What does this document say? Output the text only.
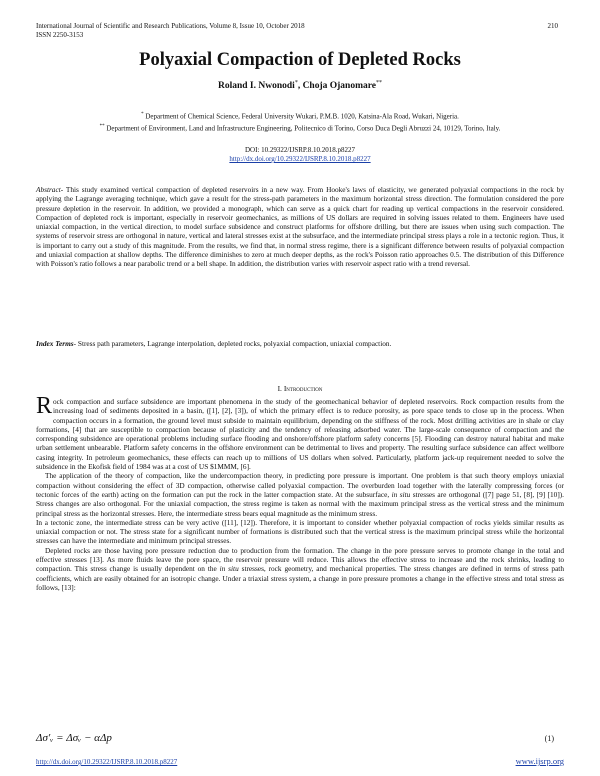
International Journal of Scientific and Research Publications, Volume 8, Issue 10, October 2018
ISSN 2250-3153
210
Polyaxial Compaction of Depleted Rocks
Roland I. Nwonodi*, Choja Ojanomare**
* Department of Chemical Science, Federal University Wukari, P.M.B. 1020, Katsina-Ala Road, Wukari, Nigeria.
** Department of Environment, Land and Infrastructure Engineering, Politecnico di Torino, Corso Duca Degli Abruzzi 24, 10129, Torino, Italy.
DOI: 10.29322/IJSRP.8.10.2018.p8227
http://dx.doi.org/10.29322/IJSRP.8.10.2018.p8227
Abstract- This study examined vertical compaction of depleted reservoirs in a new way. From Hooke's laws of elasticity, we generated polyaxial compactions in the rock by applying the Lagrange averaging technique, which gave a result for the stress-path parameters in the maximum horizontal stress direction. The formulation considered the pore pressure depletion in the reservoir. In addition, we provided a monograph, which can serve as a quick chart for reading up vertical compactions in the reservoir considered. Compaction of depleted rock is important, especially in reservoir geomechanics, as millions of US dollars are required in solving issues related to them. Engineers have used uniaxial compaction, in the vertical direction, to model surface subsidence and construct platforms for offshore drilling, but there are issues when using such compaction. The systems of reservoir stress are orthogonal in nature, vertical and lateral stresses exist at the subsurface, and the intermediate principal stress plays a role in a tectonic region. Thus, it is important to carry out a study of this magnitude. From the results, we find that, in normal stress regime, there is a significant difference between results of polyaxial compaction and uniaxial compaction at shallow depths. The difference diminishes to zero at much deeper depths, as the rock's Poisson ratio approaches 0.5. The distribution of this Difference with Poisson's ratio follows a near parabolic trend or a bell shape. In addition, the distribution varies with reservoir aspect ratio with a trend reversal.
Index Terms- Stress path parameters, Lagrange interpolation, depleted rocks, polyaxial compaction, uniaxial compaction.
I. Introduction

Rock compaction and surface subsidence are important phenomena in the study of the geomechanical behavior of depleted reservoirs. Rock compaction results from the increasing load of sediments deposited in a basin, ([1], [2], [3]), of which the primary effect is to reduce porosity, as pore space tends to close up in the process. When compaction occurs in a formation, the ground level must subside to maintain equilibrium, depending on the stiffness of the rock. Most drilling activities are in shale or clay formations, [4] that are susceptible to compaction because of plasticity and the tendency of releasing adsorbed water. The large-scale consequence of compaction and the corresponding subsidence are operational problems including surface flooding and onshore/offshore platform safety concerns [5]. Flooding can destroy natural habitat and make urban settlement unbearable. Platform safety concerns in the offshore environment can be detrimental to lives and property. The resulting surface subsidence can affect wellbore casing integrity. In petroleum geomechanics, these effects can reach up to millions of US dollars when solved. Particularly, platform jack-up requirement needed to solve the subsidence in the Ekofisk field of 1984 was at a cost of US $1MMM, [6].

The application of the theory of compaction, like the undercompaction theory, in predicting pore pressure is important. One problem is that such theory employs uniaxial compaction without considering the effect of 3D compaction, otherwise called polyaxial compaction. The overburden load together with the laterally compressing forces (or tectonic forces of the earth) acting on the formation can put the rock in the latter compaction state. At the subsurface, in situ stresses are orthogonal ([7] page 51, [8], [9] [10]). Stress changes are also orthogonal. For the uniaxial compaction, the stress regime is taken as normal with the maximum principal stress as the vertical stress and the minimum principal stress as the horizontal stresses. Here, the intermediate stress bears equal magnitude as the minimum stress.

In a tectonic zone, the intermediate stress can be very active ([11], [12]). Therefore, it is important to consider whether polyaxial compaction of rocks yields similar results as uniaxial compaction or not. The stress state for a significant number of formations is distributed such that the vertical stress is the maximum principal stress while the horizontal stresses can have the intermediate and minimum principal stresses.

Depleted rocks are those having pore pressure reduction due to production from the formation. The change in the pore pressure serves to promote change in the total and effective stresses [13]. As more fluids leave the pore space, the reservoir pressure will reduce. This allows the effective stress to increase and the rock shrinks, leading to compaction. This stress change is usually dependent on the in situ stresses, rock geometry, and mechanical properties. The stress changes are defined in terms of stress path coefficients, which are easily obtained for an isotropic change. Under a triaxial stress system, a change in pore pressure promotes a change in the effective stress and total stress as follows, [13]:

Δσ′ᵥ = Δσᵥ − αΔp	(1)
http://dx.doi.org/10.29322/IJSRP.8.10.2018.p8227	www.ijsrp.org
